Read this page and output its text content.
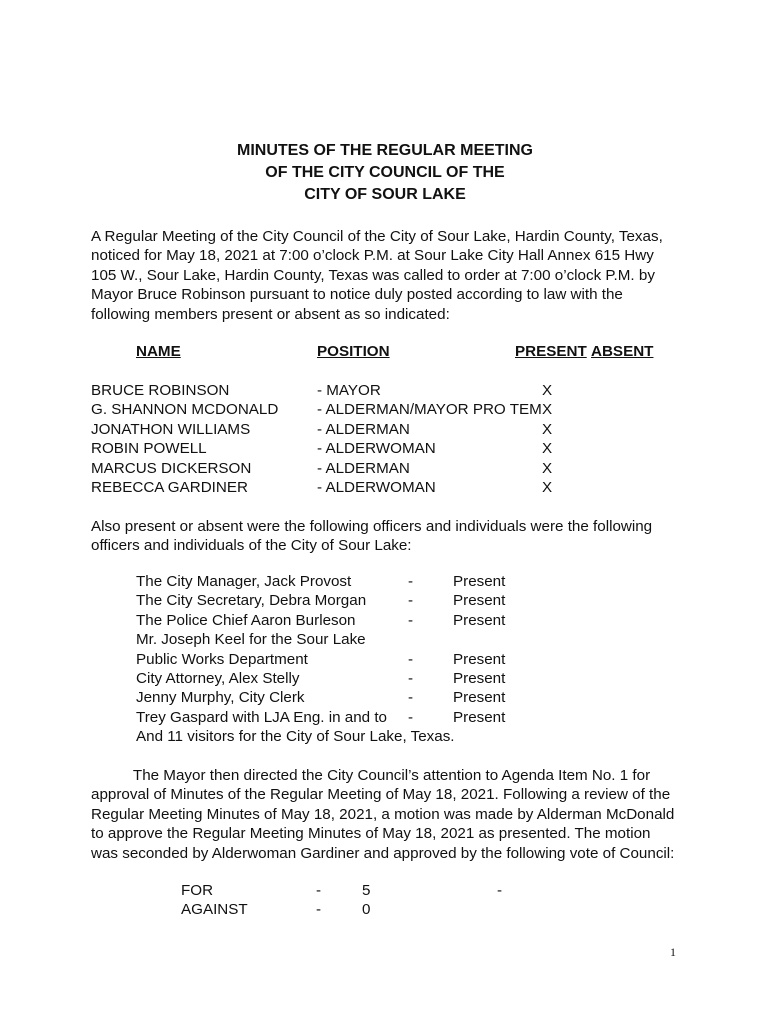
MINUTES OF THE REGULAR MEETING
OF THE CITY COUNCIL OF THE
CITY OF SOUR LAKE
A Regular Meeting of the City Council of the City of Sour Lake, Hardin County, Texas,
noticed for May 18, 2021 at 7:00 o’clock P.M. at Sour Lake City Hall Annex 615 Hwy
105 W., Sour Lake, Hardin County, Texas was called to order at 7:00 o’clock P.M. by
Mayor Bruce Robinson pursuant to notice duly posted according to law with the
following members present or absent as so indicated:
NAME	POSITION	PRESENT ABSENT
BRUCE ROBINSON	- MAYOR	X
G. SHANNON MCDONALD	- ALDERMAN/MAYOR PRO TEM X
JONATHON WILLIAMS	- ALDERMAN	X
ROBIN POWELL	- ALDERWOMAN	X
MARCUS DICKERSON	- ALDERMAN	X
REBECCA GARDINER	- ALDERWOMAN	X
Also present or absent were the following officers and individuals were the following
officers and individuals of the City of Sour Lake:
The City Manager, Jack Provost	-	Present
The City Secretary, Debra Morgan	-	Present
The Police Chief Aaron Burleson	-	Present
Mr. Joseph Keel for the Sour Lake
Public Works Department	-	Present
City Attorney, Alex Stelly	-	Present
Jenny Murphy, City Clerk	-	Present
Trey Gaspard with LJA Eng. in and to -	Present
And 11 visitors for the City of Sour Lake, Texas.
The Mayor then directed the City Council’s attention to Agenda Item No. 1 for
approval of Minutes of the Regular Meeting of May 18, 2021. Following a review of the
Regular Meeting Minutes of May 18, 2021, a motion was made by Alderman McDonald
to approve the Regular Meeting Minutes of May 18, 2021 as presented. The motion
was seconded by Alderwoman Gardiner and approved by the following vote of Council:
FOR	-	5	-
AGAINST	-	0
1
